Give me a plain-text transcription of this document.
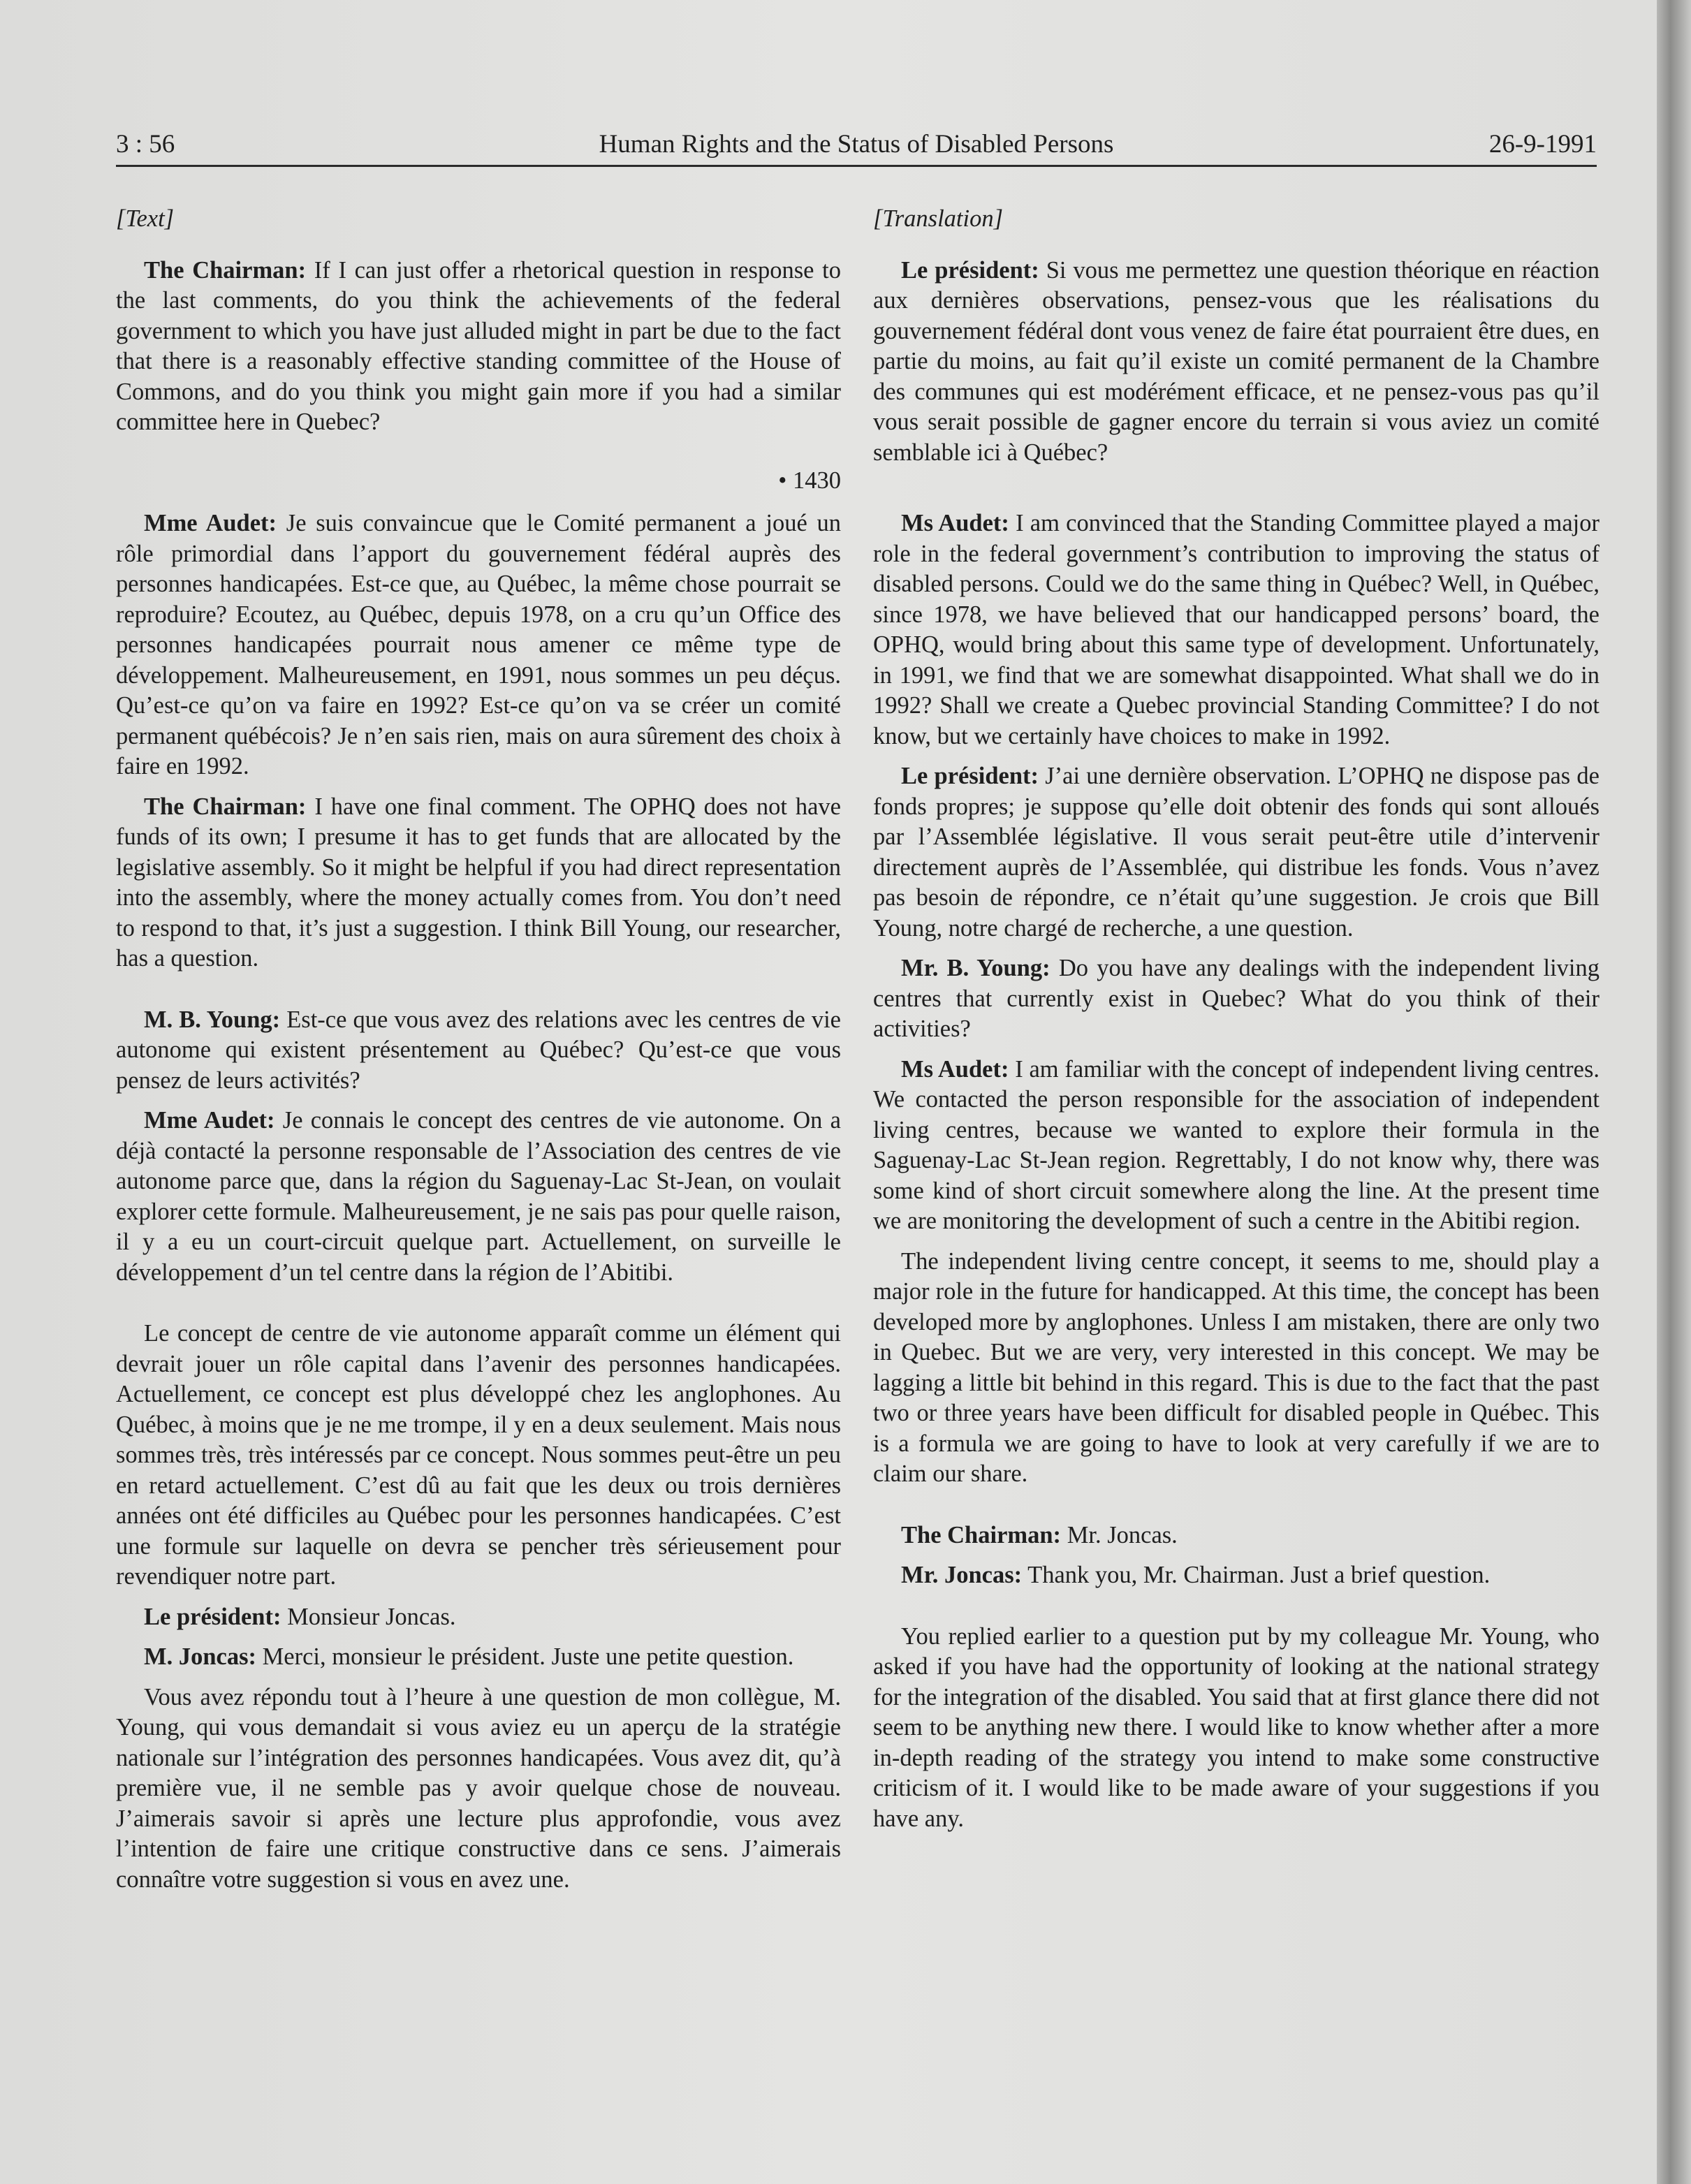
3 : 56	Human Rights and the Status of Disabled Persons	26-9-1991

[Text]

The Chairman: If I can just offer a rhetorical question in response to the last comments, do you think the achievements of the federal government to which you have just alluded might in part be due to the fact that there is a reasonably effective standing committee of the House of Commons, and do you think you might gain more if you had a similar committee here in Quebec?

• 1430

Mme Audet: Je suis convaincue que le Comité permanent a joué un rôle primordial dans l’apport du gouvernement fédéral auprès des personnes handicapées. Est-ce que, au Québec, la même chose pourrait se reproduire? Ecoutez, au Québec, depuis 1978, on a cru qu’un Office des personnes handicapées pourrait nous amener ce même type de développement. Malheureusement, en 1991, nous sommes un peu déçus. Qu’est-ce qu’on va faire en 1992? Est-ce qu’on va se créer un comité permanent québécois? Je n’en sais rien, mais on aura sûrement des choix à faire en 1992.

The Chairman: I have one final comment. The OPHQ does not have funds of its own; I presume it has to get funds that are allocated by the legislative assembly. So it might be helpful if you had direct representation into the assembly, where the money actually comes from. You don’t need to respond to that, it’s just a suggestion. I think Bill Young, our researcher, has a question.

M. B. Young: Est-ce que vous avez des relations avec les centres de vie autonome qui existent présentement au Québec? Qu’est-ce que vous pensez de leurs activités?

Mme Audet: Je connais le concept des centres de vie autonome. On a déjà contacté la personne responsable de l’Association des centres de vie autonome parce que, dans la région du Saguenay-Lac St-Jean, on voulait explorer cette formule. Malheureusement, je ne sais pas pour quelle raison, il y a eu un court-circuit quelque part. Actuellement, on surveille le développement d’un tel centre dans la région de l’Abitibi.

Le concept de centre de vie autonome apparaît comme un élément qui devrait jouer un rôle capital dans l’avenir des personnes handicapées. Actuellement, ce concept est plus développé chez les anglophones. Au Québec, à moins que je ne me trompe, il y en a deux seulement. Mais nous sommes très, très intéressés par ce concept. Nous sommes peut-être un peu en retard actuellement. C’est dû au fait que les deux ou trois dernières années ont été difficiles au Québec pour les personnes handicapées. C’est une formule sur laquelle on devra se pencher très sérieusement pour revendiquer notre part.

Le président: Monsieur Joncas.

M. Joncas: Merci, monsieur le président. Juste une petite question.

Vous avez répondu tout à l’heure à une question de mon collègue, M. Young, qui vous demandait si vous aviez eu un aperçu de la stratégie nationale sur l’intégration des personnes handicapées. Vous avez dit, qu’à première vue, il ne semble pas y avoir quelque chose de nouveau. J’aimerais savoir si après une lecture plus approfondie, vous avez l’intention de faire une critique constructive dans ce sens. J’aimerais connaître votre suggestion si vous en avez une.

[Translation]

Le président: Si vous me permettez une question théorique en réaction aux dernières observations, pensez-vous que les réalisations du gouvernement fédéral dont vous venez de faire état pourraient être dues, en partie du moins, au fait qu’il existe un comité permanent de la Chambre des communes qui est modérément efficace, et ne pensez-vous pas qu’il vous serait possible de gagner encore du terrain si vous aviez un comité semblable ici à Québec?

Ms Audet: I am convinced that the Standing Committee played a major role in the federal government’s contribution to improving the status of disabled persons. Could we do the same thing in Québec? Well, in Québec, since 1978, we have believed that our handicapped persons’ board, the OPHQ, would bring about this same type of development. Unfortunately, in 1991, we find that we are somewhat disappointed. What shall we do in 1992? Shall we create a Quebec provincial Standing Committee? I do not know, but we certainly have choices to make in 1992.

Le président: J’ai une dernière observation. L’OPHQ ne dispose pas de fonds propres; je suppose qu’elle doit obtenir des fonds qui sont alloués par l’Assemblée législative. Il vous serait peut-être utile d’intervenir directement auprès de l’Assemblée, qui distribue les fonds. Vous n’avez pas besoin de répondre, ce n’était qu’une suggestion. Je crois que Bill Young, notre chargé de recherche, a une question.

Mr. B. Young: Do you have any dealings with the independent living centres that currently exist in Quebec? What do you think of their activities?

Ms Audet: I am familiar with the concept of independent living centres. We contacted the person responsible for the association of independent living centres, because we wanted to explore their formula in the Saguenay-Lac St-Jean region. Regrettably, I do not know why, there was some kind of short circuit somewhere along the line. At the present time we are monitoring the development of such a centre in the Abitibi region.

The independent living centre concept, it seems to me, should play a major role in the future for handicapped. At this time, the concept has been developed more by anglophones. Unless I am mistaken, there are only two in Quebec. But we are very, very interested in this concept. We may be lagging a little bit behind in this regard. This is due to the fact that the past two or three years have been difficult for disabled people in Québec. This is a formula we are going to have to look at very carefully if we are to claim our share.

The Chairman: Mr. Joncas.

Mr. Joncas: Thank you, Mr. Chairman. Just a brief question.

You replied earlier to a question put by my colleague Mr. Young, who asked if you have had the opportunity of looking at the national strategy for the integration of the disabled. You said that at first glance there did not seem to be anything new there. I would like to know whether after a more in-depth reading of the strategy you intend to make some constructive criticism of it. I would like to be made aware of your suggestions if you have any.
